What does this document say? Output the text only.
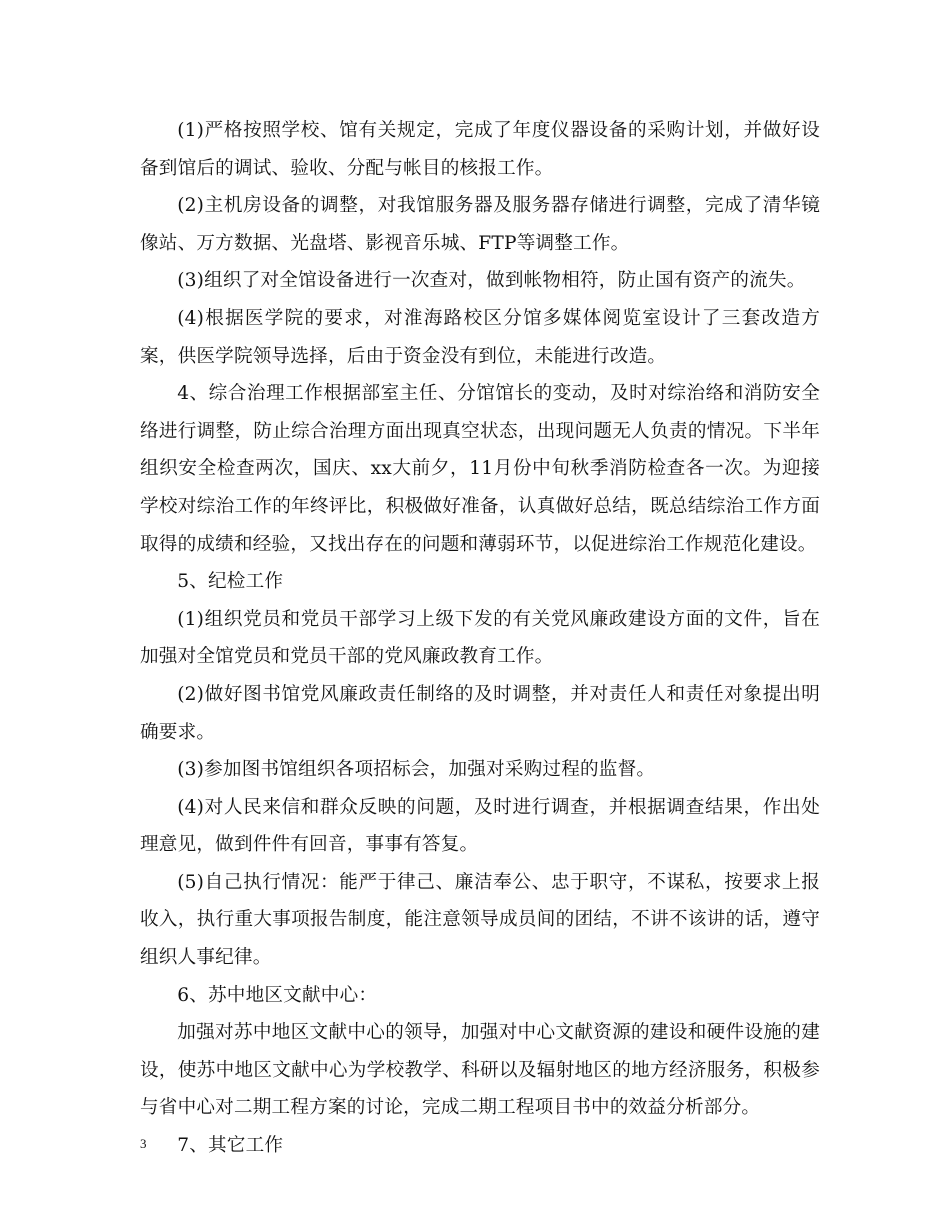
(1)严格按照学校、馆有关规定，完成了年度仪器设备的采购计划，并做好设备到馆后的调试、验收、分配与帐目的核报工作。

(2)主机房设备的调整，对我馆服务器及服务器存储进行调整，完成了清华镜像站、万方数据、光盘塔、影视音乐城、FTP等调整工作。

(3)组织了对全馆设备进行一次查对，做到帐物相符，防止国有资产的流失。

(4)根据医学院的要求，对淮海路校区分馆多媒体阅览室设计了三套改造方案，供医学院领导选择，后由于资金没有到位，未能进行改造。

4、综合治理工作根据部室主任、分馆馆长的变动，及时对综治络和消防安全络进行调整，防止综合治理方面出现真空状态，出现问题无人负责的情况。下半年组织安全检查两次，国庆、xx大前夕，11月份中旬秋季消防检查各一次。为迎接学校对综治工作的年终评比，积极做好准备，认真做好总结，既总结综治工作方面取得的成绩和经验，又找出存在的问题和薄弱环节，以促进综治工作规范化建设。

5、纪检工作

(1)组织党员和党员干部学习上级下发的有关党风廉政建设方面的文件，旨在加强对全馆党员和党员干部的党风廉政教育工作。

(2)做好图书馆党风廉政责任制络的及时调整，并对责任人和责任对象提出明确要求。

(3)参加图书馆组织各项招标会，加强对采购过程的监督。

(4)对人民来信和群众反映的问题，及时进行调查，并根据调查结果，作出处理意见，做到件件有回音，事事有答复。

(5)自己执行情况：能严于律己、廉洁奉公、忠于职守，不谋私，按要求上报收入，执行重大事项报告制度，能注意领导成员间的团结，不讲不该讲的话，遵守组织人事纪律。

6、苏中地区文献中心：

加强对苏中地区文献中心的领导，加强对中心文献资源的建设和硬件设施的建设，使苏中地区文献中心为学校教学、科研以及辐射地区的地方经济服务，积极参与省中心对二期工程方案的讨论，完成二期工程项目书中的效益分析部分。

7、其它工作

3
